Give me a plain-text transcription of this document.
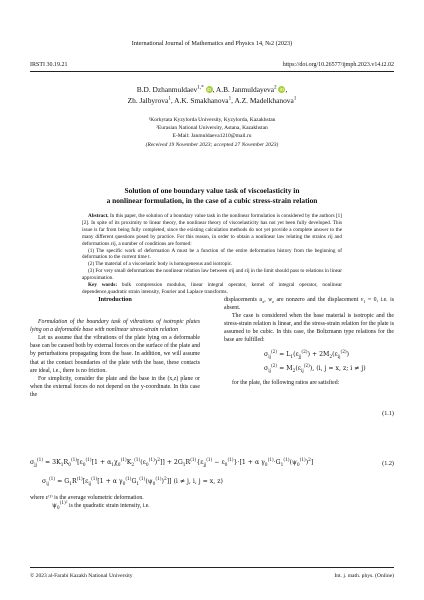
International Journal of Mathematics and Physics 14, №2 (2023)
IRSTI 30.19.21	https://doi.org/10.26577/ijmph.2023.v14.i2.02
B.D. Dzhanmuldaev$^{1,*}$ iD, A.B. Janmuldayeva$^2$ iD,
Zh. Jalbyrova$^1$, A.K. Smakhanova$^1$, A.Z. Madelkhanova$^1$
¹Korkytata Kyzylorda University, Kyzylorda, Kazakhstan
²Eurasian National University, Astana, Kazakhstan
E-Mail: Janmuldaeva1210@mail.ru
(Received 19 November 2023; accepted 27 November 2023)
Solution of one boundary value task of viscoelasticity in
a nonlinear formulation, in the case of a cubic stress-strain relation

Abstract. In this paper, the solution of a boundary value task in the nonlinear formulation is considered by the authors [1][2]. In spite of its proximity to linear theory, the nonlinear theory of viscoelasticity has not yet been fully developed. This issue is far from being fully completed, since the existing calculation methods do not yet provide a complete answer to the many different questions posed by practice. For this reason, in order to obtain a nonlinear law relating the strains εij and deformations εij, a number of conditions are formed:

(1) The specific work of deformation A must be a function of the entire deformation history from the beginning of deformation to the current time t.

(2) The material of a viscoelastic body is homogeneous and isotropic.

(3) For very small deformations the nonlinear relation law between σij and εij in the limit should pass to relations in linear approximation.

Key words: bulk compression modulus, linear integral operator, kernel of integral operator, nonlinear dependence,quadratic strain intensity, Fourier and Laplace transforms.

Introduction

Formulation of the boundary task of vibrations of isotropic plates lying on a deformable base with nonlinear stress-strain relation

Let us assume that the vibrations of the plate lying on a deformable base can be caused both by external forces on the surface of the plate and by perturbations propagating from the base. In addition, we will assume that at the contact boundaries of the plate with the base, these contacts are ideal, i.e., there is no friction.

For simplicity, consider the plate and the base in the (x,z) plane or when the external forces do not depend on the y-coordinate. In this case the

displacements $u_x$, $w_z$ are nonzero and the displacement $v_1 = 0$, i.e. is absent.

The case is considered when the base material is isotropic and the stress-strain relation is linear, and the stress-strain relation for the plate is assumed to be cubic. In this case, the Boltzmann type relations for the base are fulfilled:

$\sigma_{ij}^{(2)} = L_1(\varepsilon_{jj}^{(2)}) + 2M_2(\varepsilon_{ij}^{(2)})$
$\sigma_{ij}^{(2)} = M_2(\varepsilon_{ij}^{(2)})$, (i, j = x, z; i ≠ j)

for the plate, the following ratios are satisfied:

(1.1)
$\sigma_{jj}^{(1)} = 3K_1R_0^{(1)}[\varepsilon_0^{(1)}[1 + \alpha_1\chi_0^{(1)}K_2^{(1)}(\varepsilon_0^{(1)})^2]] + 2G_1R^{(1)}\{\varepsilon_{jj}^{(1)} - \varepsilon_0^{(1)}\}\cdot[1 + \alpha$ $\gamma_0^{(1)}\cdot G_1^{(1)}(\psi_0^{(1)})^2$]	(1.2)
$\sigma_{ij}^{(1)} = G_1R^{(1)}[\varepsilon_{ij}^{(1)}[1 + \alpha$ $\gamma_0^{(1)}G_1^{(1)}(\psi_0^{(1)})^2$]] (i ≠ j, i, j = x, z)
where ε⁽¹⁾ is the average volumetric deformation.
$\psi_0^{(1)^2}$ is the quadratic strain intensity, i.e.
© 2023 al-Farabi Kazakh National University	Int. j. math. phys. (Online)
